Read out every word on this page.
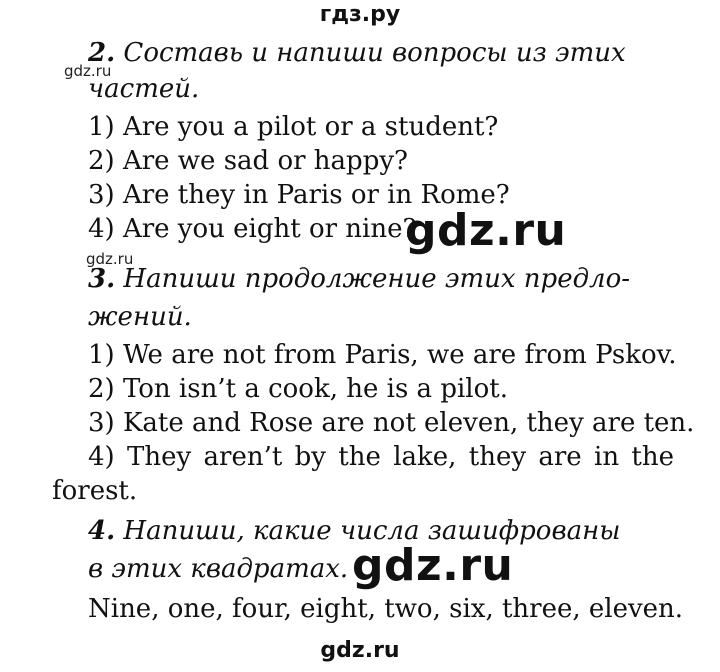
гдз.ру
2. Составь и напиши вопросы из этих
частей.
1) Are you a pilot or a student?
2) Are we sad or happy?
3) Are they in Paris or in Rome?
4) Are you eight or nine?
3. Напиши продолжение этих предло-
жений.
1) We are not from Paris, we are from Pskov.
2) Ton isn’t a cook, he is a pilot.
3) Kate and Rose are not eleven, they are ten.
4) They aren’t by the lake, they are in the
forest.
4. Напиши, какие числа зашифрованы
в этих квадратах.
Nine, one, four, eight, two, six, three, eleven.
gdz.ru
gdz.ru
gdz.ru
gdz.ru
gdz.ru
